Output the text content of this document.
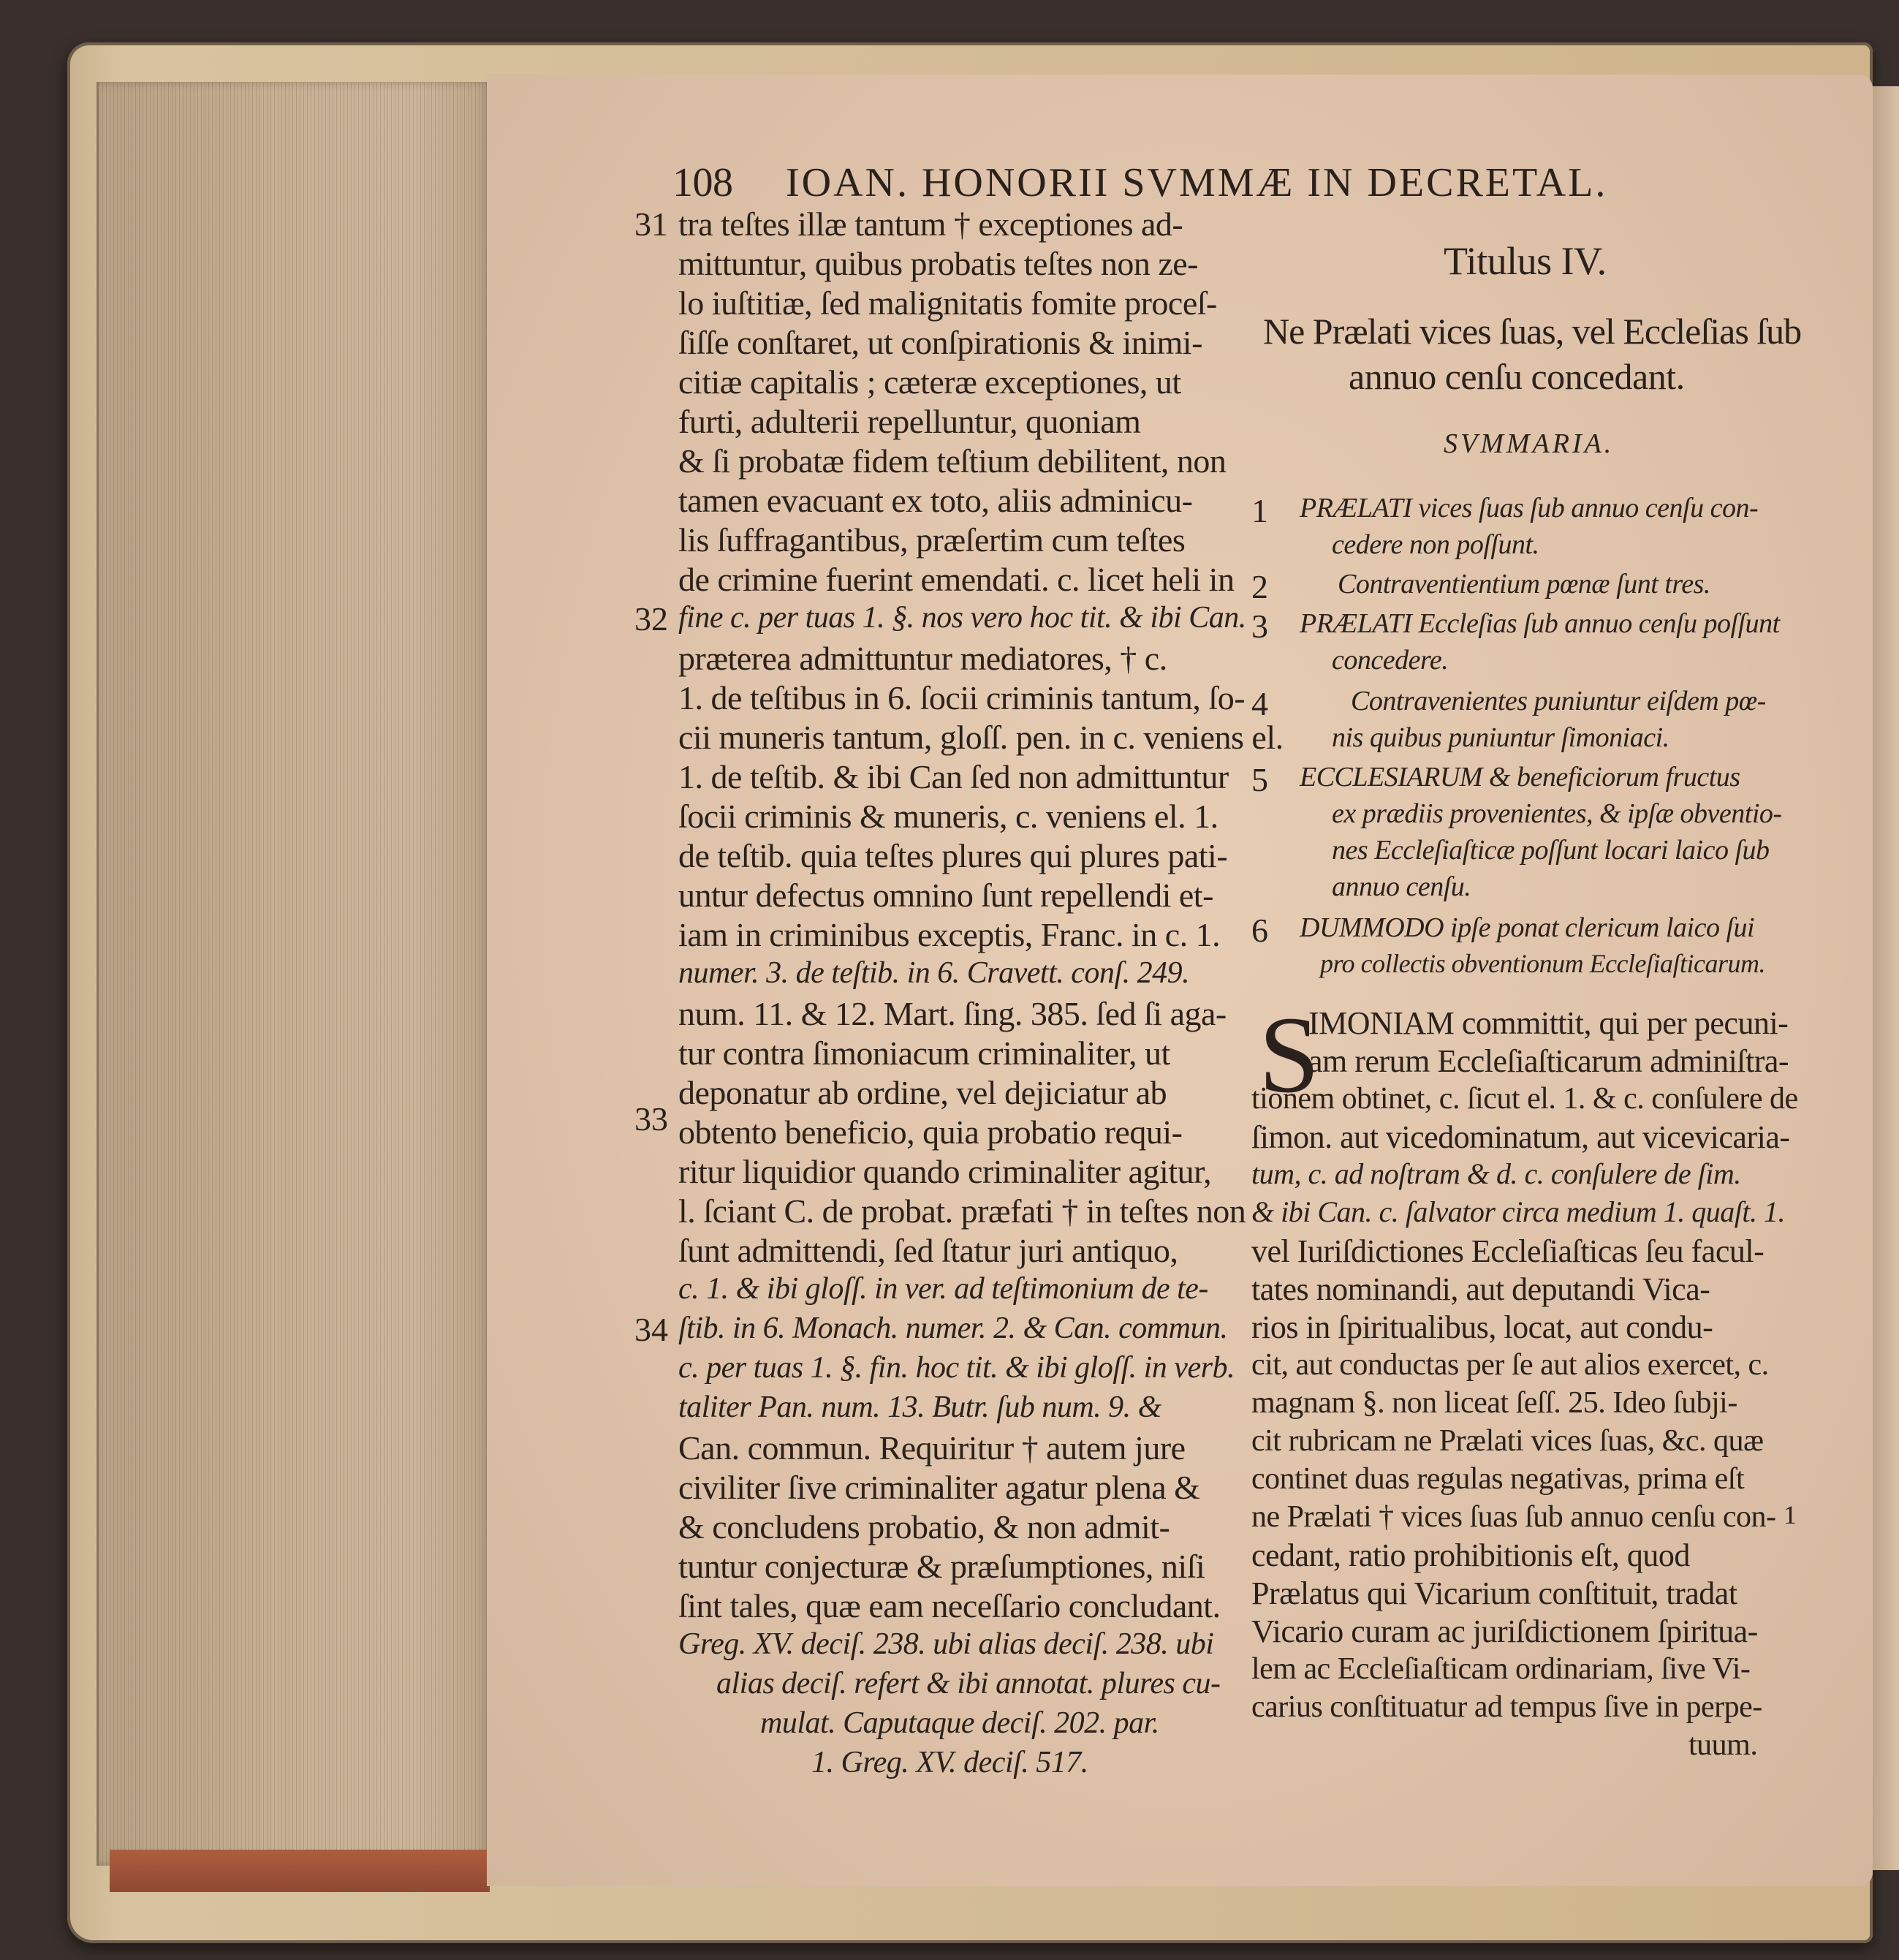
108 IOAN. HONORII SVMMÆ IN DECRETAL.
31
32
33
34
tra teſtes illæ tantum † exceptiones ad-
mittuntur, quibus probatis teſtes non ze-
lo iuſtitiæ, ſed malignitatis fomite proceſ-
ſiſſe conſtaret, ut conſpirationis & inimi-
citiæ capitalis ; cæteræ exceptiones, ut
furti, adulterii repelluntur, quoniam
& ſi probatæ fidem teſtium debilitent, non
tamen evacuant ex toto, aliis adminicu-
lis ſuffragantibus, præſertim cum teſtes
de crimine fuerint emendati. c. licet heli in
fine c. per tuas 1. §. nos vero hoc tit. & ibi Can.
præterea admittuntur mediatores, † c.
1. de teſtibus in 6. ſocii criminis tantum, ſo-
cii muneris tantum, gloſſ. pen. in c. veniens el.
1. de teſtib. & ibi Can ſed non admittuntur
ſocii criminis & muneris, c. veniens el. 1.
de teſtib. quia teſtes plures qui plures pati-
untur defectus omnino ſunt repellendi et-
iam in criminibus exceptis, Franc. in c. 1.
numer. 3. de teſtib. in 6. Cravett. conſ. 249.
num. 11. & 12. Mart. ſing. 385. ſed ſi aga-
tur contra ſimoniacum criminaliter, ut
deponatur ab ordine, vel dejiciatur ab
obtento beneficio, quia probatio requi-
ritur liquidior quando criminaliter agitur,
l. ſciant C. de probat. præfati † in teſtes non
ſunt admittendi, ſed ſtatur juri antiquo,
c. 1. & ibi gloſſ. in ver. ad teſtimonium de te-
ſtib. in 6. Monach. numer. 2. & Can. commun.
c. per tuas 1. §. fin. hoc tit. & ibi gloſſ. in verb.
taliter Pan. num. 13. Butr. ſub num. 9. &
Can. commun. Requiritur † autem jure
civiliter ſive criminaliter agatur plena &
& concludens probatio, & non admit-
tuntur conjecturæ & præſumptiones, niſi
ſint tales, quæ eam neceſſario concludant.
Greg. XV. deciſ. 238. ubi alias deciſ. 238. ubi
alias deciſ. refert & ibi annotat. plures cu-
mulat. Caputaque deciſ. 202. par.
1. Greg. XV. deciſ. 517.
Titulus IV.
Ne Prælati vices ſuas, vel Eccleſias ſub
annuo cenſu concedant.
SVMMARIA.
1 PRÆLATI vices ſuas ſub annuo cenſu con-
cedere non poſſunt.
2	Contraventientium pœnæ ſunt tres.
3 PRÆLATI Eccleſias ſub annuo cenſu poſſunt
concedere.
4	Contravenientes puniuntur eiſdem pœ-
nis quibus puniuntur ſimoniaci.
5 ECCLESIARUM & beneficiorum fructus
ex prædiis provenientes, & ipſæ obventio-
nes Eccleſiaſticæ poſſunt locari laico ſub
annuo cenſu.
6 DUMMODO ipſe ponat clericum laico ſui
pro collectis obventionum Eccleſiaſticarum.
S
IMONIAM committit, qui per pecuni-
am rerum Eccleſiaſticarum adminiſtra-
tionem obtinet, c. ſicut el. 1. & c. conſulere de
ſimon. aut vicedominatum, aut vicevicaria-
tum, c. ad noſtram & d. c. conſulere de ſim.
& ibi Can. c. ſalvator circa medium 1. quaſt. 1.
vel Iuriſdictiones Eccleſiaſticas ſeu facul-
tates nominandi, aut deputandi Vica-
rios in ſpiritualibus, locat, aut condu-
cit, aut conductas per ſe aut alios exercet, c.
magnam §. non liceat ſeſſ. 25. Ideo ſubji-
cit rubricam ne Prælati vices ſuas, &c. quæ
continet duas regulas negativas, prima eſt
ne Prælati † vices ſuas ſub annuo cenſu con-
cedant, ratio prohibitionis eſt, quod
Prælatus qui Vicarium conſtituit, tradat
Vicario curam ac juriſdictionem ſpiritua-
lem ac Eccleſiaſticam ordinariam, ſive Vi-
carius conſtituatur ad tempus ſive in perpe-
tuum.
1
